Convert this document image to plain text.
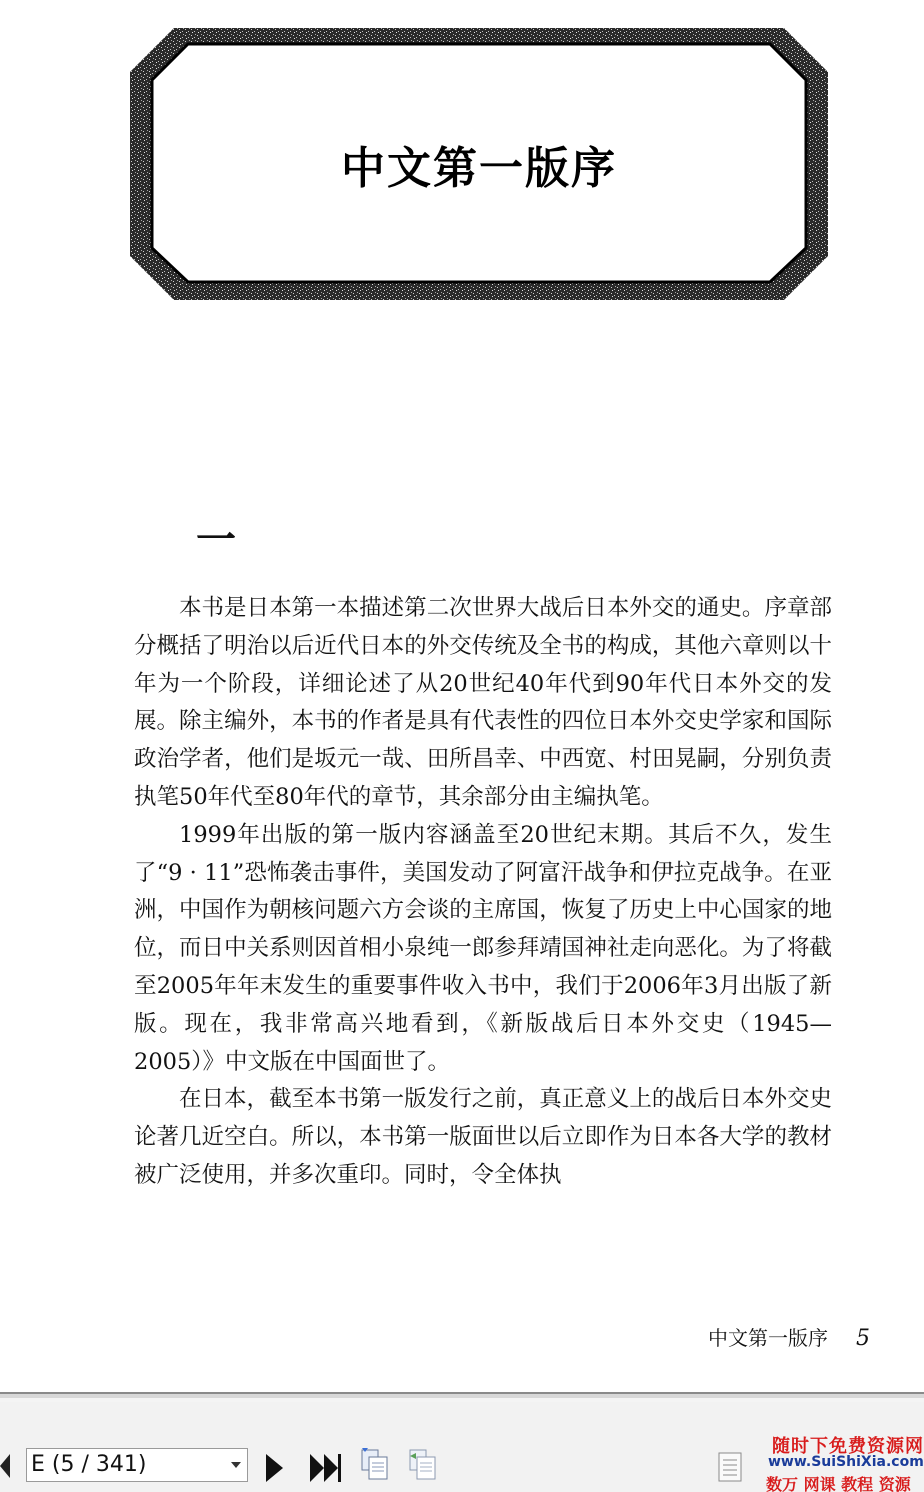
中文第一版序
一

本书是日本第一本描述第二次世界大战后日本外交的通史。序章部分概括了明治以后近代日本的外交传统及全书的构成，其他六章则以十年为一个阶段，详细论述了从20世纪40年代到90年代日本外交的发展。除主编外，本书的作者是具有代表性的四位日本外交史学家和国际政治学者，他们是坂元一哉、田所昌幸、中西宽、村田晃嗣，分别负责执笔50年代至80年代的章节，其余部分由主编执笔。

1999年出版的第一版内容涵盖至20世纪末期。其后不久，发生了“9 · 11”恐怖袭击事件，美国发动了阿富汗战争和伊拉克战争。在亚洲，中国作为朝核问题六方会谈的主席国，恢复了历史上中心国家的地位，而日中关系则因首相小泉纯一郎参拜靖国神社走向恶化。为了将截至2005年年末发生的重要事件收入书中，我们于2006年3月出版了新版。现在，我非常高兴地看到，《新版战后日本外交史（1945—2005）》中文版在中国面世了。

在日本，截至本书第一版发行之前，真正意义上的战后日本外交史论著几近空白。所以，本书第一版面世以后立即作为日本各大学的教材被广泛使用，并多次重印。同时，令全体执

中文第一版序 5
E (5 / 341)
随时下免费资源网
www.SuiShiXia.com
数万 网课 教程 资源
